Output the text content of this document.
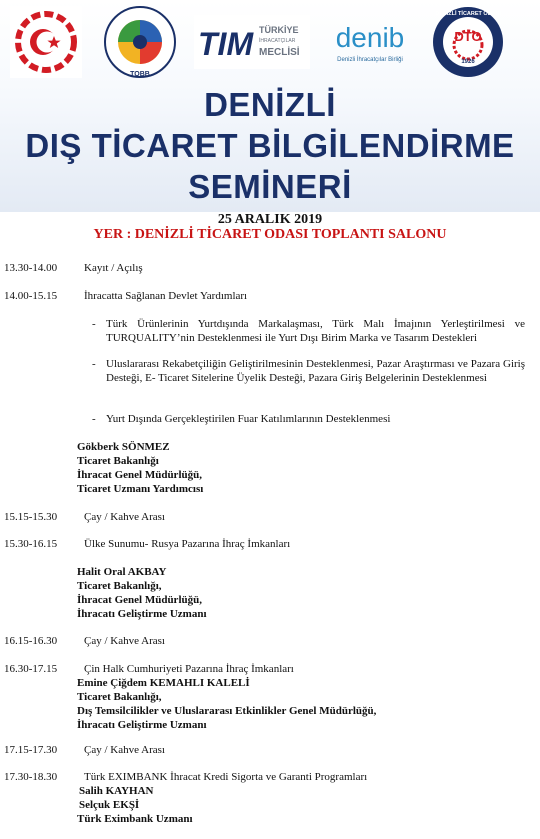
TOBB
TIM TÜRKİYE
İHRACATÇILAR
MECLİSİ denib
Denizli İhracatçılar Birliği
DTO
1926
DENİZLİ TİCARET ODASI
DENİZLİ
DIŞ TİCARET BİLGİLENDİRME
SEMİNERİ
25 ARALIK 2019
YER : DENİZLİ TİCARET ODASI TOPLANTI SALONU
13.30-14.00 Kayıt / Açılış
14.00-15.15 İhracatta Sağlanan Devlet Yardımları
- Türk Ürünlerinin Yurtdışında Markalaşması, Türk Malı İmajının Yerleştirilmesi ve TURQUALITY’nin Desteklenmesi ile Yurt Dışı Birim Marka ve Tasarım Destekleri
- Uluslararası Rekabetçiliğin Geliştirilmesinin Desteklenmesi, Pazar Araştırması ve Pazara Giriş Desteği, E- Ticaret Sitelerine Üyelik Desteği, Pazara Giriş Belgelerinin Desteklenmesi
- Yurt Dışında Gerçekleştirilen Fuar Katılımlarının Desteklenmesi
Gökberk SÖNMEZ
Ticaret Bakanlığı
İhracat Genel Müdürlüğü,
Ticaret Uzmanı Yardımcısı
15.15-15.30 Çay / Kahve Arası
15.30-16.15 Ülke Sunumu- Rusya Pazarına İhraç İmkanları
Halit Oral AKBAY
Ticaret Bakanlığı,
İhracat Genel Müdürlüğü,
İhracatı Geliştirme Uzmanı
16.15-16.30 Çay / Kahve Arası
16.30-17.15 Çin Halk Cumhuriyeti Pazarına İhraç İmkanları
Emine Çiğdem KEMAHLI KALELİ
Ticaret Bakanlığı,
Dış Temsilcilikler ve Uluslararası Etkinlikler Genel Müdürlüğü,
İhracatı Geliştirme Uzmanı
17.15-17.30 Çay / Kahve Arası
17.30-18.30 Türk EXIMBANK İhracat Kredi Sigorta ve Garanti Programları
Salih KAYHAN
Selçuk EKŞİ
Türk Eximbank Uzmanı
